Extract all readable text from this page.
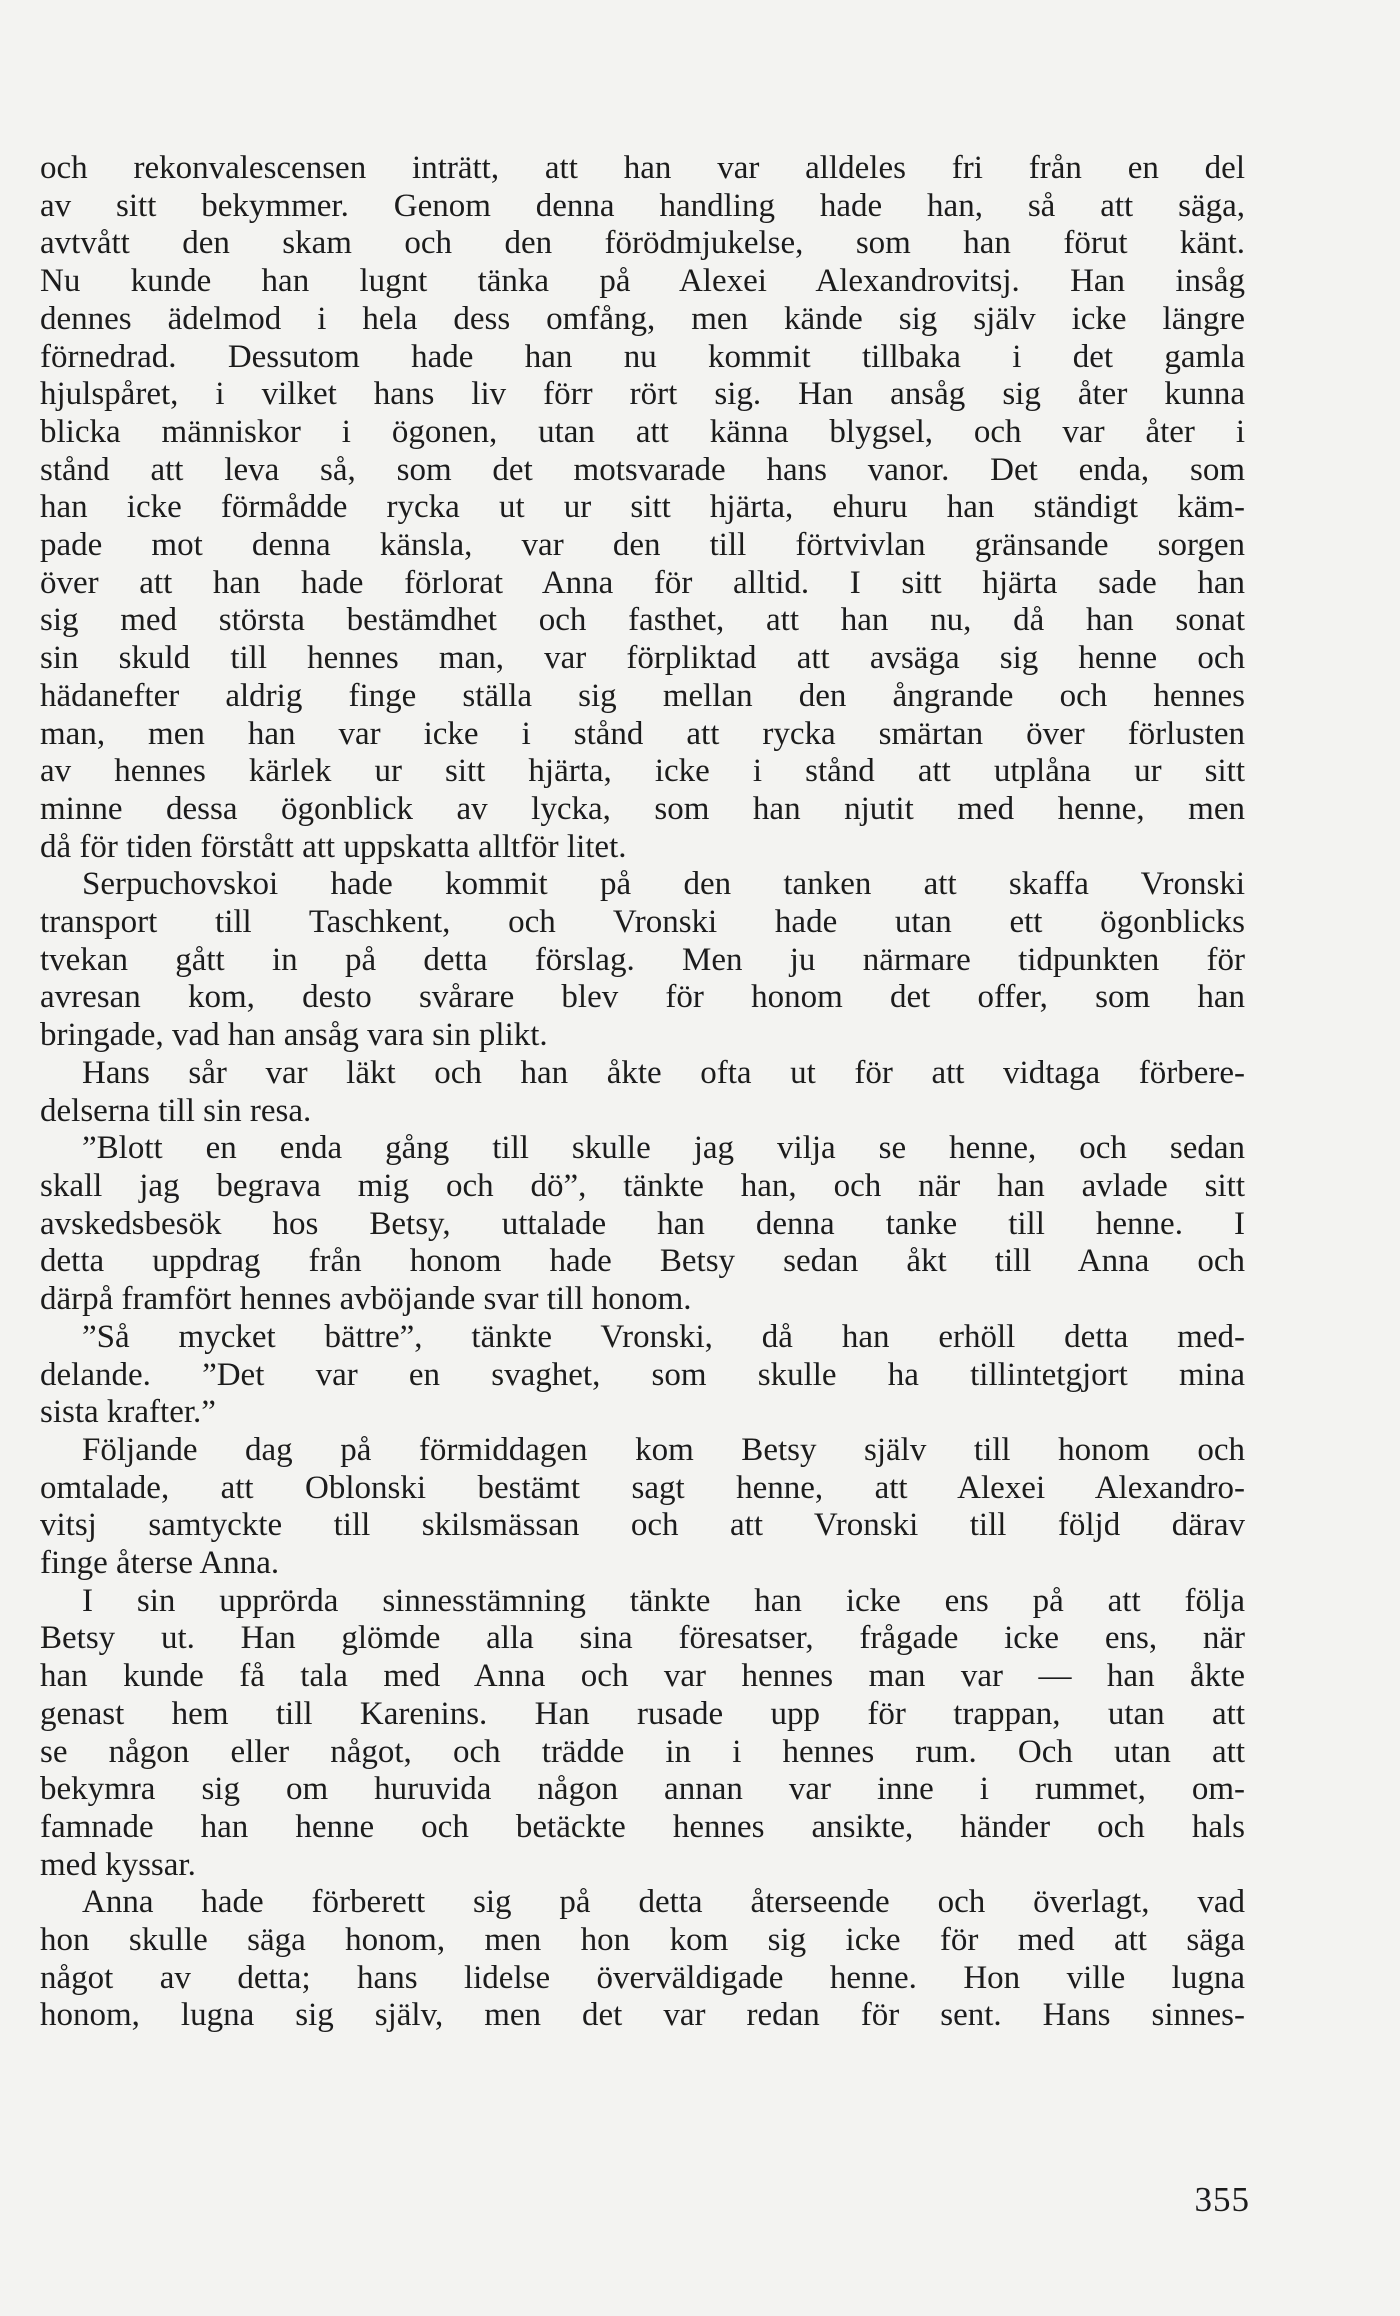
och rekonvalescensen inträtt, att han var alldeles fri från en del
av sitt bekymmer. Genom denna handling hade han, så att säga,
avtvått den skam och den förödmjukelse, som han förut känt.
Nu kunde han lugnt tänka på Alexei Alexandrovitsj. Han insåg
dennes ädelmod i hela dess omfång, men kände sig själv icke längre
förnedrad. Dessutom hade han nu kommit tillbaka i det gamla
hjulspåret, i vilket hans liv förr rört sig. Han ansåg sig åter kunna
blicka människor i ögonen, utan att känna blygsel, och var åter i
stånd att leva så, som det motsvarade hans vanor. Det enda, som
han icke förmådde rycka ut ur sitt hjärta, ehuru han ständigt käm-
pade mot denna känsla, var den till förtvivlan gränsande sorgen
över att han hade förlorat Anna för alltid. I sitt hjärta sade han
sig med största bestämdhet och fasthet, att han nu, då han sonat
sin skuld till hennes man, var förpliktad att avsäga sig henne och
hädanefter aldrig finge ställa sig mellan den ångrande och hennes
man, men han var icke i stånd att rycka smärtan över förlusten
av hennes kärlek ur sitt hjärta, icke i stånd att utplåna ur sitt
minne dessa ögonblick av lycka, som han njutit med henne, men
då för tiden förstått att uppskatta alltför litet.
Serpuchovskoi hade kommit på den tanken att skaffa Vronski
transport till Taschkent, och Vronski hade utan ett ögonblicks
tvekan gått in på detta förslag. Men ju närmare tidpunkten för
avresan kom, desto svårare blev för honom det offer, som han
bringade, vad han ansåg vara sin plikt.
Hans sår var läkt och han åkte ofta ut för att vidtaga förbere-
delserna till sin resa.
”Blott en enda gång till skulle jag vilja se henne, och sedan
skall jag begrava mig och dö”, tänkte han, och när han avlade sitt
avskedsbesök hos Betsy, uttalade han denna tanke till henne. I
detta uppdrag från honom hade Betsy sedan åkt till Anna och
därpå framfört hennes avböjande svar till honom.
”Så mycket bättre”, tänkte Vronski, då han erhöll detta med-
delande. ”Det var en svaghet, som skulle ha tillintetgjort mina
sista krafter.”
Följande dag på förmiddagen kom Betsy själv till honom och
omtalade, att Oblonski bestämt sagt henne, att Alexei Alexandro-
vitsj samtyckte till skilsmässan och att Vronski till följd därav
finge återse Anna.
I sin upprörda sinnesstämning tänkte han icke ens på att följa
Betsy ut. Han glömde alla sina föresatser, frågade icke ens, när
han kunde få tala med Anna och var hennes man var — han åkte
genast hem till Karenins. Han rusade upp för trappan, utan att
se någon eller något, och trädde in i hennes rum. Och utan att
bekymra sig om huruvida någon annan var inne i rummet, om-
famnade han henne och betäckte hennes ansikte, händer och hals
med kyssar.
Anna hade förberett sig på detta återseende och överlagt, vad
hon skulle säga honom, men hon kom sig icke för med att säga
något av detta; hans lidelse överväldigade henne. Hon ville lugna
honom, lugna sig själv, men det var redan för sent. Hans sinnes-
355
